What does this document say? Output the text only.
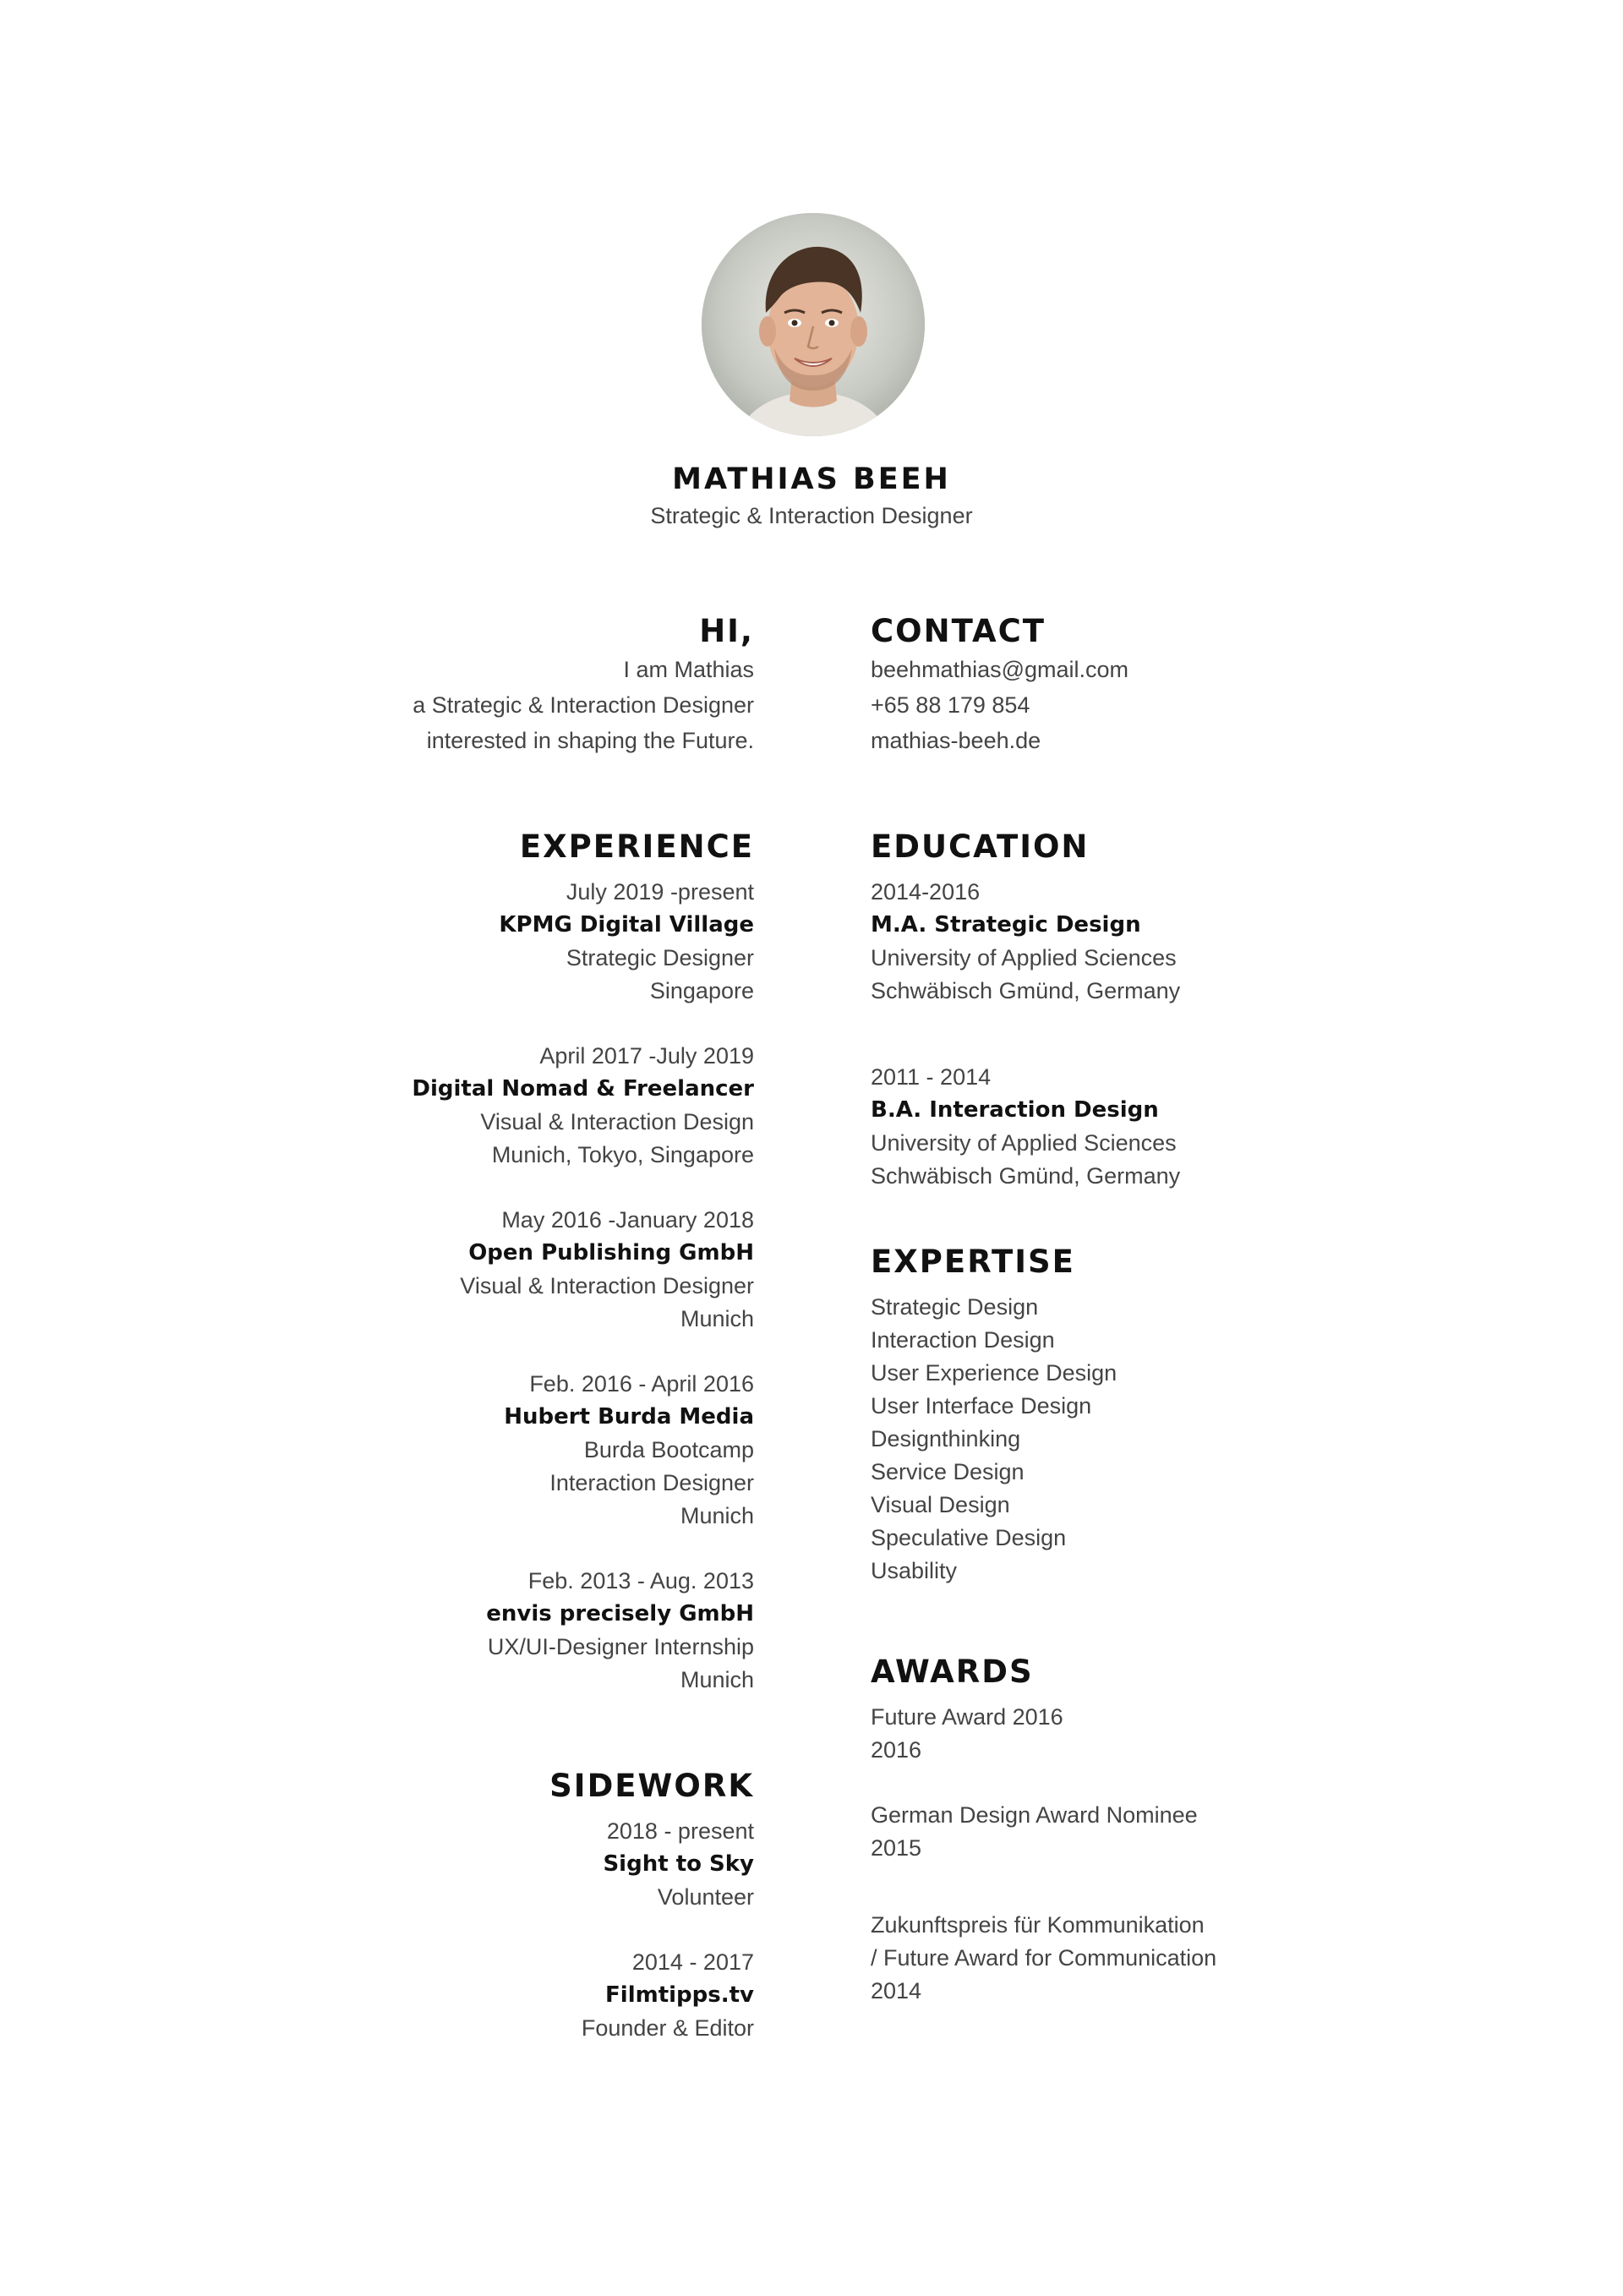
MATHIAS BEEH
Strategic & Interaction Designer
HI,
I am Mathias
a Strategic & Interaction Designer
interested in shaping the Future.
EXPERIENCE
July 2019 -present
KPMG Digital Village
Strategic Designer
Singapore
April 2017 -July 2019
Digital Nomad & Freelancer
Visual & Interaction Design
Munich, Tokyo, Singapore
May 2016 -January 2018
Open Publishing GmbH
Visual & Interaction Designer
Munich
Feb. 2016 - April 2016
Hubert Burda Media
Burda Bootcamp
Interaction Designer
Munich
Feb. 2013 - Aug. 2013
envis precisely GmbH
UX/UI-Designer Internship
Munich
SIDEWORK
2018 - present
Sight to Sky
Volunteer
2014 - 2017
Filmtipps.tv
Founder & Editor
CONTACT
beehmathias@gmail.com
+65 88 179 854
mathias-beeh.de
EDUCATION
2014-2016
M.A. Strategic Design
University of Applied Sciences
Schwäbisch Gmünd, Germany
2011 - 2014
B.A. Interaction Design
University of Applied Sciences
Schwäbisch Gmünd, Germany
EXPERTISE
Strategic Design
Interaction Design
User Experience Design
User Interface Design
Designthinking
Service Design
Visual Design
Speculative Design
Usability
AWARDS
Future Award 2016
2016
German Design Award Nominee
2015
Zukunftspreis für Kommunikation
/ Future Award for Communication
2014
